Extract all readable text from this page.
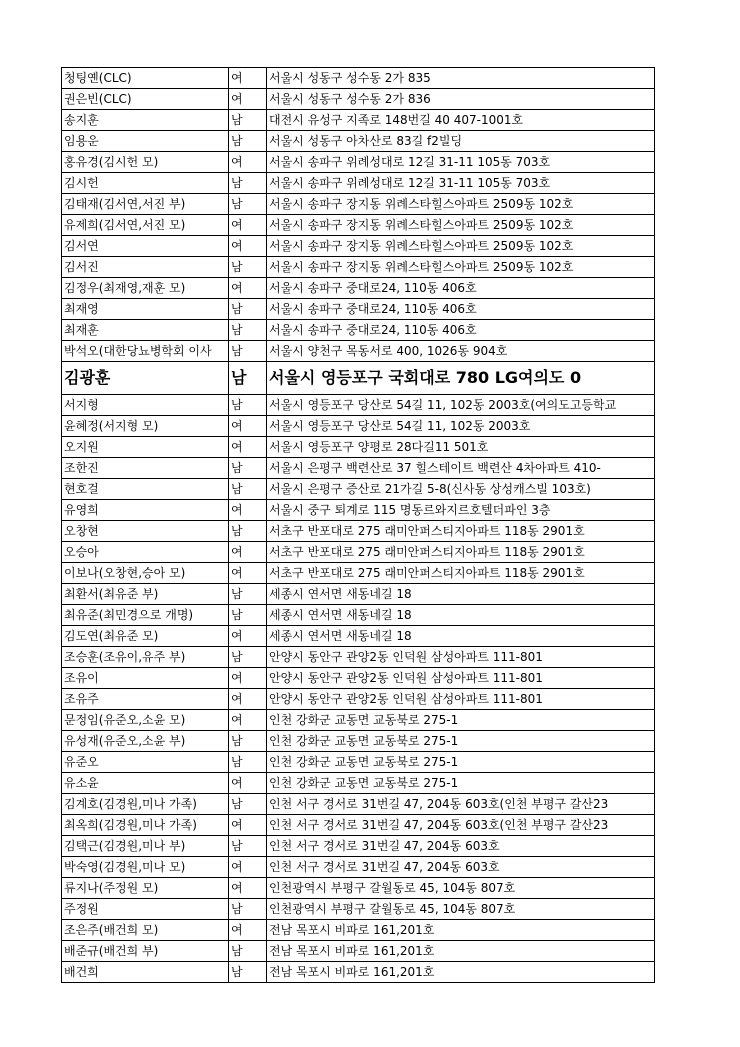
청팅옌(CLC)	여	서울시 성동구 성수동 2가 835
권은빈(CLC)	여	서울시 성동구 성수동 2가 836
송지훈	남	대전시 유성구 지족로 148번길 40 407-1001호
임용운	남	서울시 성동구 아차산로 83길 f2빌딩
홍유경(김시헌 모)	여	서울시 송파구 위례성대로 12길 31-11 105동 703호
김시헌	남	서울시 송파구 위례성대로 12길 31-11 105동 703호
김태재(김서연,서진 부)	남	서울시 송파구 장지동 위례스타힐스아파트 2509동 102호
유제희(김서연,서진 모)	여	서울시 송파구 장지동 위례스타힐스아파트 2509동 102호
김서연	여	서울시 송파구 장지동 위례스타힐스아파트 2509동 102호
김서진	남	서울시 송파구 장지동 위례스타힐스아파트 2509동 102호
김정우(최재영,재훈 모)	여	서울시 송파구 중대로24, 110동 406호
최재영	남	서울시 송파구 중대로24, 110동 406호
최재훈	남	서울시 송파구 중대로24, 110동 406호
박석오(대한당뇨병학회 이사	남	서울시 양천구 목동서로 400, 1026동 904호
김광훈	남	서울시 영등포구 국회대로 780 LG여의도 0
서지형	남	서울시 영등포구 당산로 54길 11, 102동 2003호(여의도고등학교
윤혜정(서지형 모)	여	서울시 영등포구 당산로 54길 11, 102동 2003호
오지원	여	서울시 영등포구 양평로 28다길11 501호
조한진	남	서울시 은평구 백련산로 37 힐스테이트 백련산 4차아파트 410-
현호걸	남	서울시 은평구 증산로 21가길 5-8(신사동 상성캐스빌 103호)
유영희	여	서울시 중구 퇴계로 115 명동르와지르호텔더파인 3층
오창현	남	서초구 반포대로 275 래미안퍼스티지아파트 118동 2901호
오승아	여	서초구 반포대로 275 래미안퍼스티지아파트 118동 2901호
이보나(오창현,승아 모)	여	서초구 반포대로 275 래미안퍼스티지아파트 118동 2901호
최환서(최유준 부)	남	세종시 연서면 새동네길 18
최유준(최민경으로 개명)	남	세종시 연서면 새동네길 18
김도연(최유준 모)	여	세종시 연서면 새동네길 18
조승훈(조유이,유주 부)	남	안양시 동안구 관양2동 인덕원 삼성아파트 111-801
조유이	여	안양시 동안구 관양2동 인덕원 삼성아파트 111-801
조유주	여	안양시 동안구 관양2동 인덕원 삼성아파트 111-801
문정임(유준오,소윤 모)	여	인천 강화군 교동면 교동북로 275-1
유성재(유준오,소윤 부)	남	인천 강화군 교동면 교동북로 275-1
유준오	남	인천 강화군 교동면 교동북로 275-1
유소윤	여	인천 강화군 교동면 교동북로 275-1
김계호(김경원,미나 가족)	남	인천 서구 경서로 31번길 47, 204동 603호(인천 부평구 갈산23
최옥희(김경원,미나 가족)	여	인천 서구 경서로 31번길 47, 204동 603호(인천 부평구 갈산23
김택근(김경원,미나 부)	남	인천 서구 경서로 31번길 47, 204동 603호
박숙영(김경원,미나 모)	여	인천 서구 경서로 31번길 47, 204동 603호
류지나(주정원 모)	여	인천광역시 부평구 갈월동로 45, 104동 807호
주정원	남	인천광역시 부평구 갈월동로 45, 104동 807호
조은주(배건희 모)	여	전남 목포시 비파로 161,201호
배준규(배건희 부)	남	전남 목포시 비파로 161,201호
배건희	남	전남 목포시 비파로 161,201호
